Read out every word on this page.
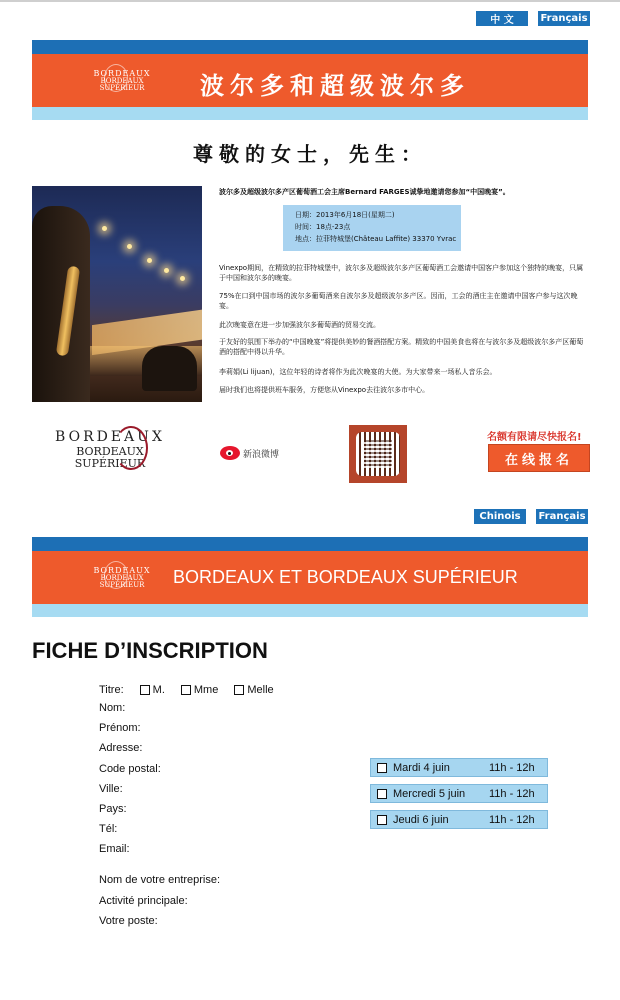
中 文	Français
BORDEAUX
BORDEAUX SUPÉRIEUR	波尔多和超级波尔多
尊敬的女士，先生：
波尔多及超级波尔多产区葡萄酒工会主席Bernard FARGES诚挚地邀请您参加“中国晚宴”。
日期：2013年6月18日(星期二)
时间：18点-23点
地点：拉菲特城堡(Château Laffite) 33370 Yvrac
Vinexpo期间，在精致的拉菲特城堡中，波尔多及超级波尔多产区葡萄酒工会邀请中国客户参加这个独特的晚宴，只属于中国和波尔多的晚宴。
75%在口到中国市场的波尔多葡萄酒来自波尔多及超级波尔多产区。因而，工会的酒庄主在邀请中国客户参与这次晚宴。
此次晚宴意在进一步加强波尔多葡萄酒的贸易交流。
于友好的氛围下举办的“中国晚宴”将提供美妙的餐酒搭配方案。精致的中国美食也将在与波尔多及超级波尔多产区葡萄酒的搭配中得以升华。
李莉娟(Li lijuan)，这位年轻的诗者将作为此次晚宴的大使。为大家带来一场私人音乐会。
届时我们也将提供班车服务，方便您从Vinexpo去往波尔多市中心。
BORDEAUX
BORDEAUX SUPÉRIEUR
新浪微博
名额有限请尽快报名!
在线报名
Chinois	Français
BORDEAUX
BORDEAUX SUPÉRIEUR	BORDEAUX ET BORDEAUX SUPÉRIEUR
FICHE D’INSCRIPTION
Titre:	M.	Mme	Melle
Nom:
Prénom:
Adresse:
Code postal:
Ville:
Pays:
Tél:
Email:
Nom de votre entreprise:
Activité principale:
Votre poste:
Mardi 4 juin	11h - 12h
Mercredi 5 juin	11h - 12h
Jeudi 6 juin	11h - 12h
